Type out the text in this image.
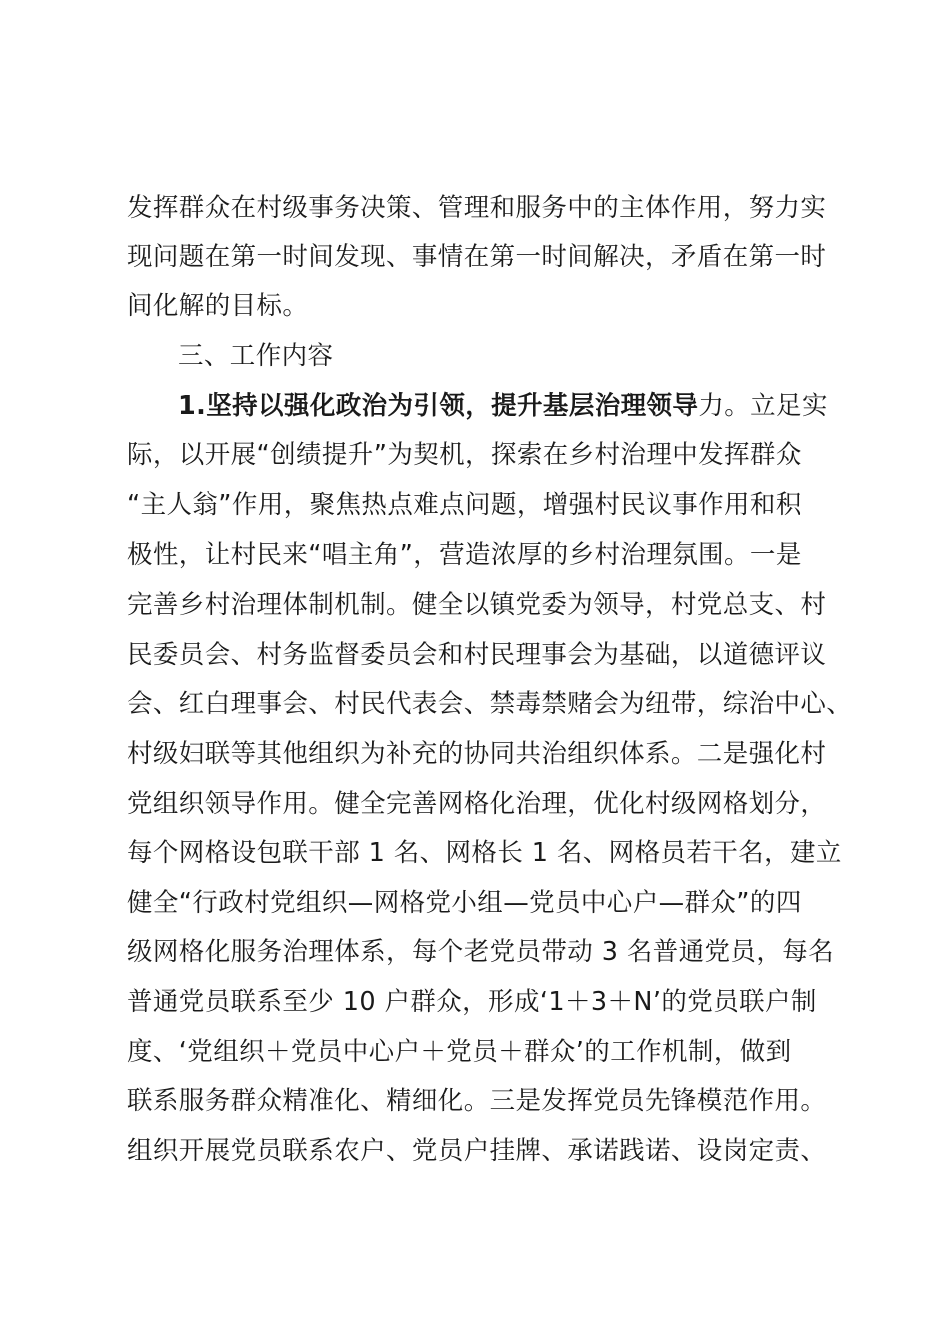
发挥群众在村级事务决策、管理和服务中的主体作用，努力实
现问题在第一时间发现、事情在第一时间解决，矛盾在第一时
间化解的目标。
三、工作内容
1.坚持以强化政治为引领，提升基层治理领导力。立足实
际，以开展“创绩提升”为契机，探索在乡村治理中发挥群众
“主人翁”作用，聚焦热点难点问题，增强村民议事作用和积
极性，让村民来“唱主角”，营造浓厚的乡村治理氛围。一是
完善乡村治理体制机制。健全以镇党委为领导，村党总支、村
民委员会、村务监督委员会和村民理事会为基础，以道德评议
会、红白理事会、村民代表会、禁毒禁赌会为纽带，综治中心、
村级妇联等其他组织为补充的协同共治组织体系。二是强化村
党组织领导作用。健全完善网格化治理，优化村级网格划分，
每个网格设包联干部 1 名、网格长 1 名、网格员若干名，建立
健全“行政村党组织—网格党小组—党员中心户—群众”的四
级网格化服务治理体系，每个老党员带动 3 名普通党员，每名
普通党员联系至少 10 户群众，形成‘1＋3＋N’的党员联户制
度、‘党组织＋党员中心户＋党员＋群众’的工作机制，做到
联系服务群众精准化、精细化。三是发挥党员先锋模范作用。
组织开展党员联系农户、党员户挂牌、承诺践诺、设岗定责、
